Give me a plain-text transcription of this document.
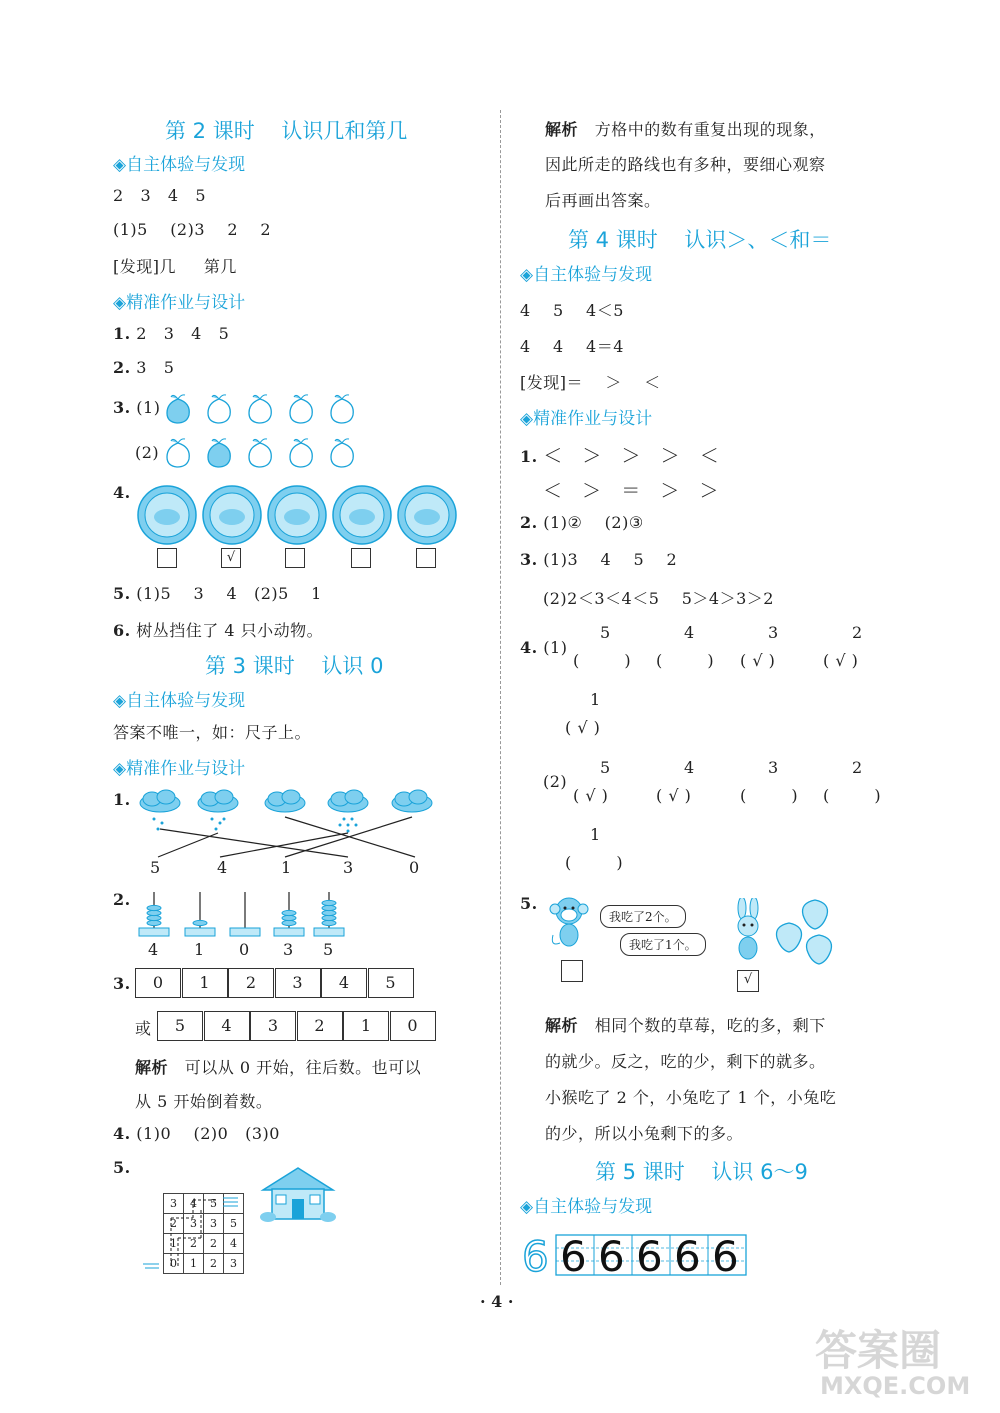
第 2 课时    认识几和第几
◈自主体验与发现
2   3   4   5
(1)5    (2)3    2    2
[发现]几     第几
◈精准作业与设计
1. 2   3   4   5
2. 3   5
3. (1)
(2)
4.
√
5. (1)5    3    4   (2)5    1
6. 树丛挡住了 4 只小动物。
第 3 课时    认识 0
◈自主体验与发现
答案不唯一，如：尺子上。
◈精准作业与设计
1.
5	4	1	3	0
2.
4 1 0 3 5
3.	0	1	2	3	4	5
或	5	4	3	2	1	0
解析 可以从 0 开始，往后数。也可以
从 5 开始倒着数。
4. (1)0    (2)0   (3)0
5.
3	4	5
2	3	3	5
1	2	2	4
0	1	2	3
解析 方格中的数有重复出现的现象，
因此所走的路线也有多种，要细心观察
后再画出答案。
第 4 课时    认识＞、＜和＝
◈自主体验与发现
4    5    4＜5
4    4    4＝4
[发现]＝    ＞    ＜
◈精准作业与设计
1. ＜   ＞   ＞   ＞   ＜
＜   ＞   ＝   ＞   ＞
2. (1)②    (2)③
3. (1)3    4    5    2
(2)2＜3＜4＜5    5＞4＞3＞2
4. (1)
5
(        )
4
(        )
3
( √ )
2
( √ )
1
( √ )
(2)
5
( √ )
4
( √ )
3
(        )
2
(        )
1
(        )
5.
我吃了2个。
我吃了1个。
√
解析 相同个数的草莓，吃的多，剩下
的就少。反之，吃的少，剩下的就多。
小猴吃了 2 个，小兔吃了 1 个，小兔吃
的少，所以小兔剩下的多。
第 5 课时    认识 6～9
◈自主体验与发现
6 6 6 6 6 6
· 4 ·
答案圈
MXQE.COM
